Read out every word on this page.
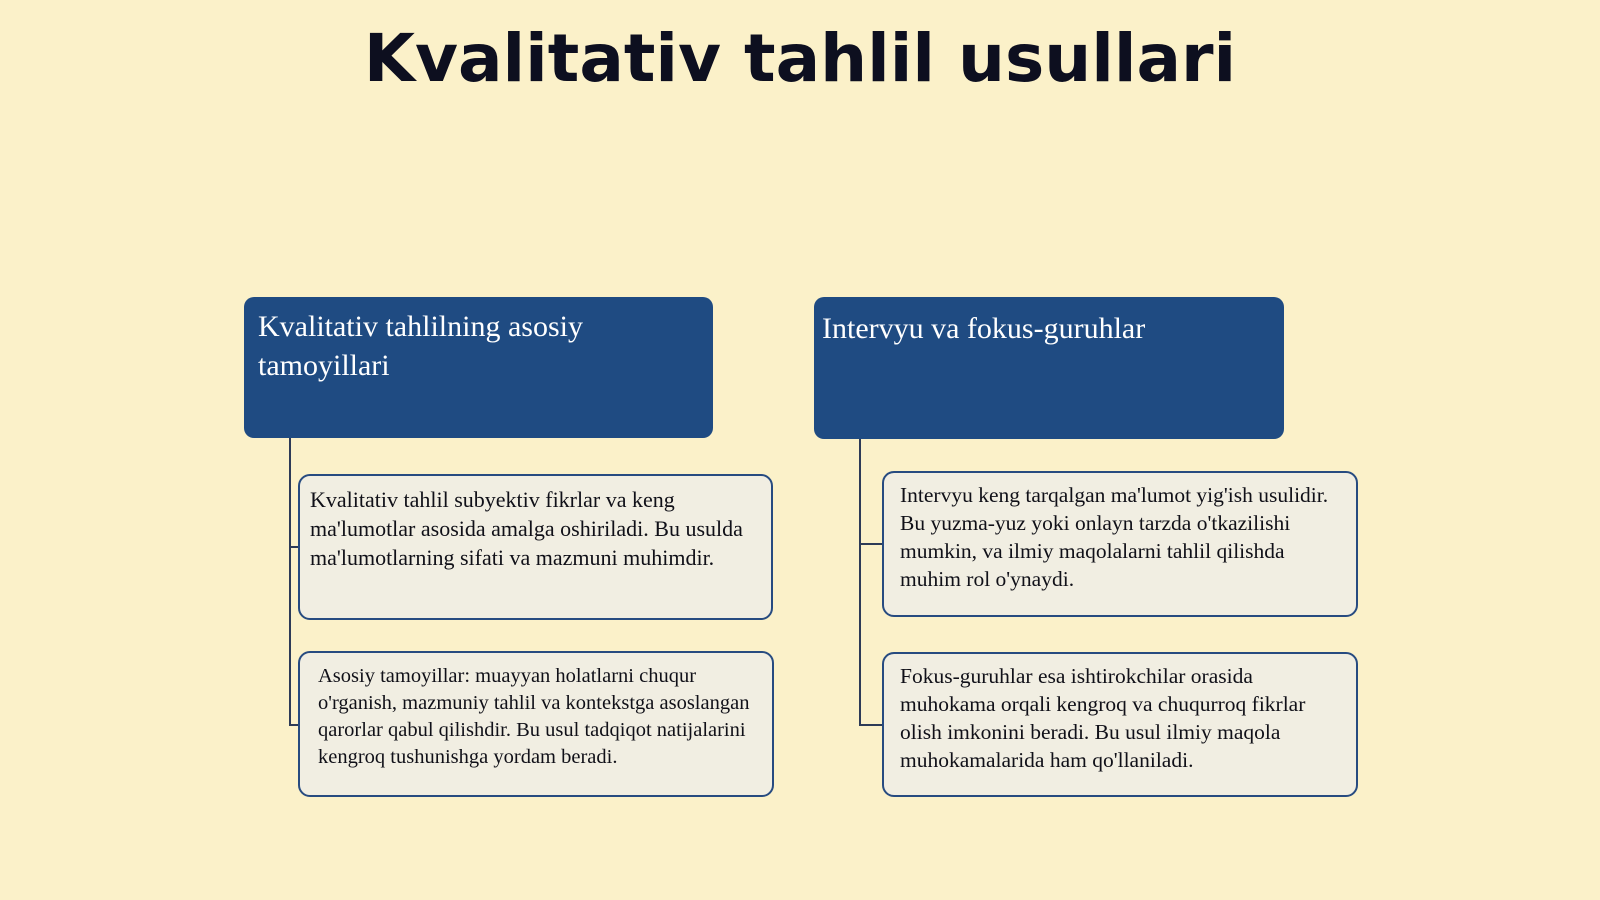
Kvalitativ tahlil usullari
Kvalitativ tahlilning asosiy tamoyillari
Kvalitativ tahlil subyektiv fikrlar va keng ma'lumotlar asosida amalga oshiriladi. Bu usulda ma'lumotlarning sifati va mazmuni muhimdir.
Asosiy tamoyillar: muayyan holatlarni chuqur o'rganish, mazmuniy tahlil va kontekstga asoslangan qarorlar qabul qilishdir. Bu usul tadqiqot natijalarini kengroq tushunishga yordam beradi.
Intervyu va fokus-guruhlar
Intervyu keng tarqalgan ma'lumot yig'ish usulidir. Bu yuzma-yuz yoki onlayn tarzda o'tkazilishi mumkin, va ilmiy maqolalarni tahlil qilishda muhim rol o'ynaydi.
Fokus-guruhlar esa ishtirokchilar orasida muhokama orqali kengroq va chuqurroq fikrlar olish imkonini beradi. Bu usul ilmiy maqola muhokamalarida ham qo'llaniladi.
